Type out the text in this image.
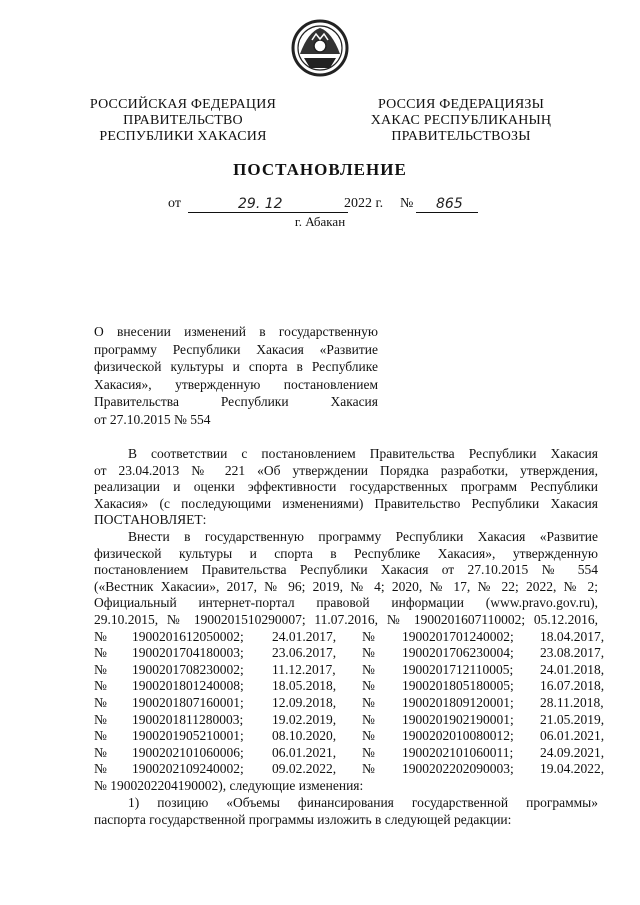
РОССИЙСКАЯ ФЕДЕРАЦИЯ
ПРАВИТЕЛЬСТВО
РЕСПУБЛИКИ ХАКАСИЯ
РОССИЯ ФЕДЕРАЦИЯЗЫ
ХАКАС РЕСПУБЛИКАНЫҢ
ПРАВИТЕЛЬСТВОЗЫ
ПОСТАНОВЛЕНИЕ
от	29. 12	2022 г. № 865
г. Абакан
О внесении изменений в государственную
программу Республики Хакасия «Развитие
физической культуры и спорта в Республике
Хакасия», утвержденную постановлением
Правительства Республики Хакасия
от 27.10.2015 № 554
В соответствии с постановлением Правительства Республики Хакасия
от 23.04.2013 № 221 «Об утверждении Порядка разработки, утверждения,
реализации и оценки эффективности государственных программ Республики
Хакасия» (с последующими изменениями) Правительство Республики Хакасия
ПОСТАНОВЛЯЕТ:
Внести в государственную программу Республики Хакасия «Развитие
физической культуры и спорта в Республике Хакасия», утвержденную
постановлением Правительства Республики Хакасия от 27.10.2015 № 554
(«Вестник Хакасии», 2017, № 96; 2019, № 4; 2020, № 17, № 22; 2022, № 2;
Официальный интернет-портал правовой информации (www.pravo.gov.ru),
29.10.2015, № 1900201510290007; 11.07.2016, № 1900201607110002; 05.12.2016,
№ 1900201612050002; 24.01.2017, № 1900201701240002; 18.04.2017,
№ 1900201704180003; 23.06.2017, № 1900201706230004; 23.08.2017,
№ 1900201708230002; 11.12.2017, № 1900201712110005; 24.01.2018,
№ 1900201801240008; 18.05.2018, № 1900201805180005; 16.07.2018,
№ 1900201807160001; 12.09.2018, № 1900201809120001; 28.11.2018,
№ 1900201811280003; 19.02.2019, № 1900201902190001; 21.05.2019,
№ 1900201905210001; 08.10.2020, № 1900202010080012; 06.01.2021,
№ 1900202101060006; 06.01.2021, № 1900202101060011; 24.09.2021,
№ 1900202109240002; 09.02.2022, № 1900202202090003; 19.04.2022,
№ 1900202204190002), следующие изменения:
1) позицию «Объемы финансирования государственной программы»
паспорта государственной программы изложить в следующей редакции:
